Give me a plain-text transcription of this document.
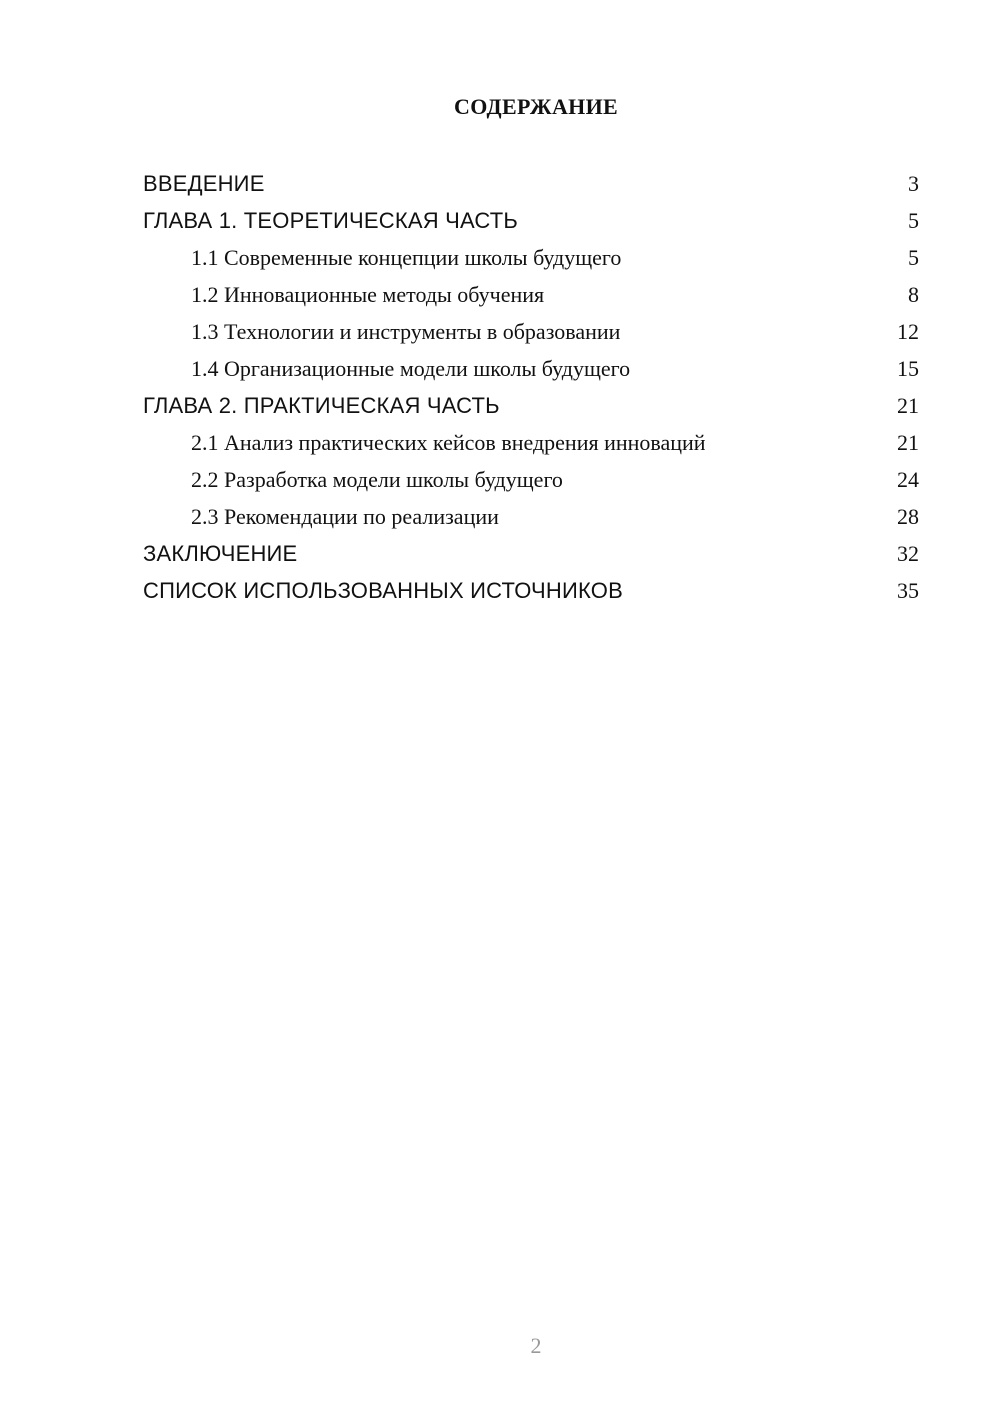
СОДЕРЖАНИЕ
ВВЕДЕНИЕ	3
ГЛАВА 1. ТЕОРЕТИЧЕСКАЯ ЧАСТЬ	5
1.1 Современные концепции школы будущего	5
1.2 Инновационные методы обучения	8
1.3 Технологии и инструменты в образовании	12
1.4 Организационные модели школы будущего	15
ГЛАВА 2. ПРАКТИЧЕСКАЯ ЧАСТЬ	21
2.1 Анализ практических кейсов внедрения инноваций	21
2.2 Разработка модели школы будущего	24
2.3 Рекомендации по реализации	28
ЗАКЛЮЧЕНИЕ	32
СПИСОК ИСПОЛЬЗОВАННЫХ ИСТОЧНИКОВ	35
2
